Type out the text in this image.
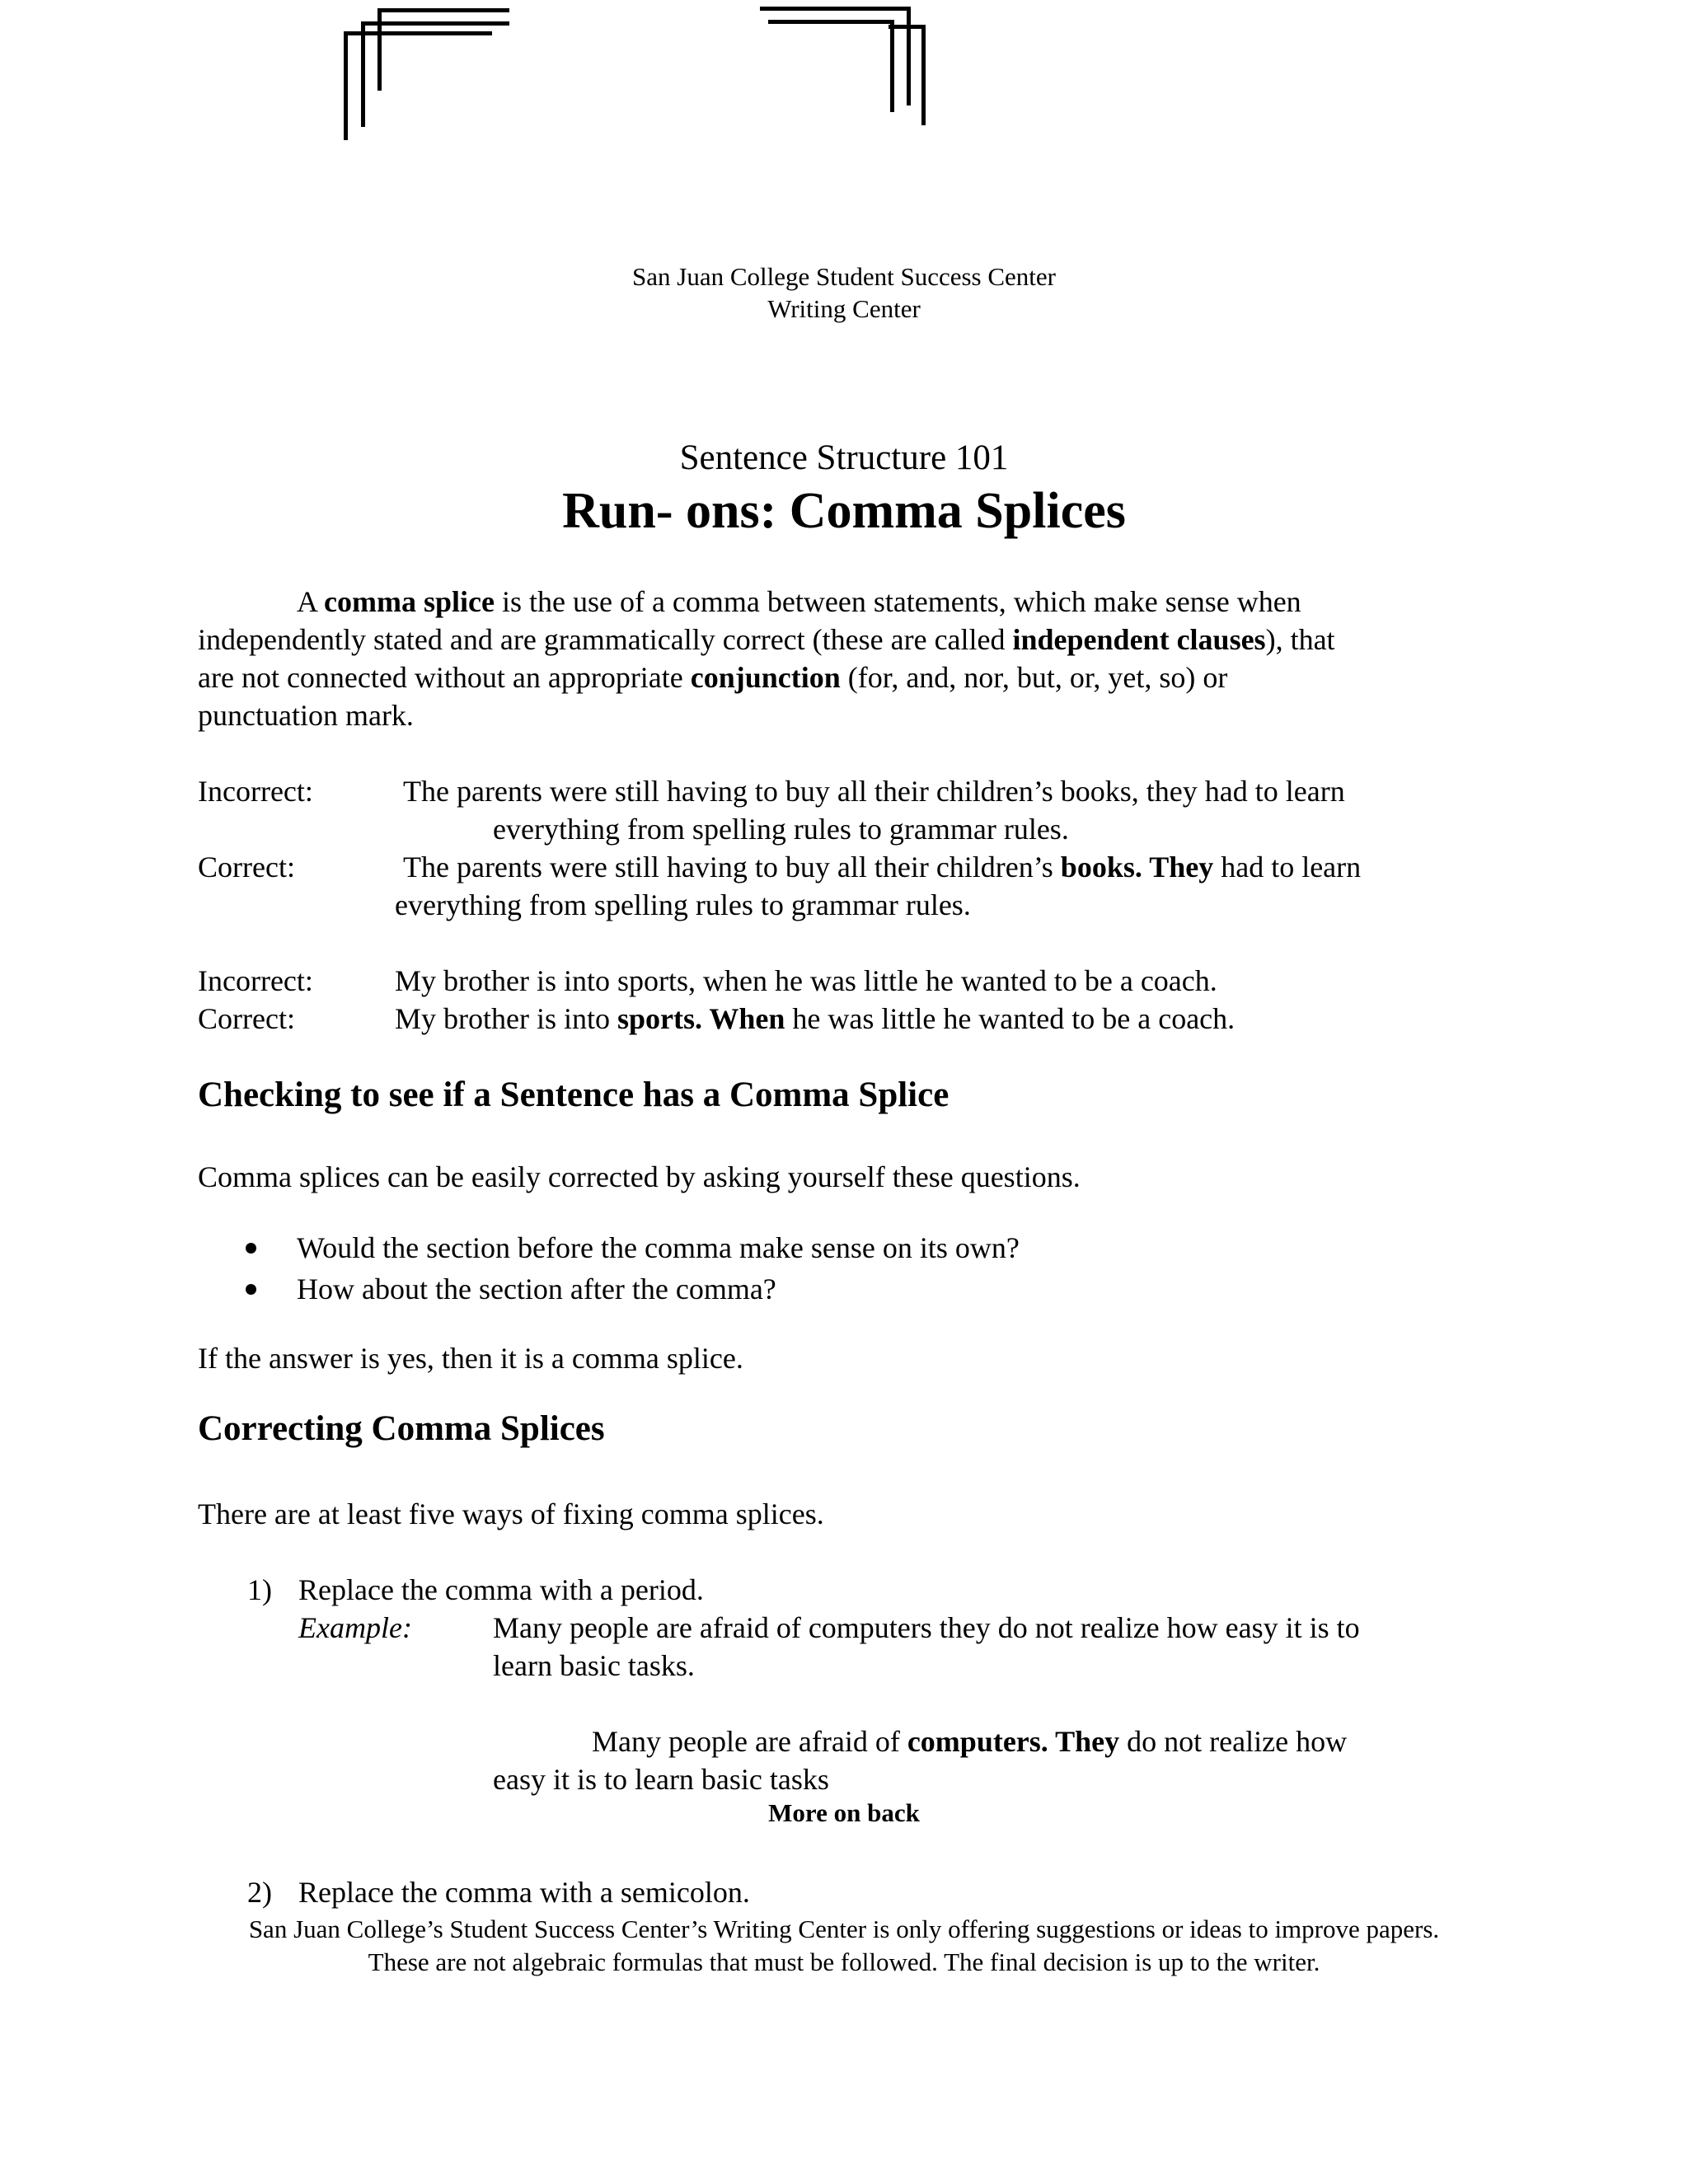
San Juan College Student Success Center
Writing Center
Sentence Structure 101
Run- ons: Comma Splices
A comma splice is the use of a comma between statements, which make sense when
independently stated and are grammatically correct (these are called independent clauses), that
are not connected without an appropriate conjunction (for, and, nor, but, or, yet, so) or
punctuation mark.
Incorrect:	The parents were still having to buy all their children’s books, they had to learn
everything from spelling rules to grammar rules.
Correct:	The parents were still having to buy all their children’s books. They had to learn
everything from spelling rules to grammar rules.
Incorrect:	My brother is into sports, when he was little he wanted to be a coach.
Correct:	My brother is into sports. When he was little he wanted to be a coach.
Checking to see if a Sentence has a Comma Splice
Comma splices can be easily corrected by asking yourself these questions.
Would the section before the comma make sense on its own?
How about the section after the comma?
If the answer is yes, then it is a comma splice.
Correcting Comma Splices
There are at least five ways of fixing comma splices.
1) Replace the comma with a period.
Example:	Many people are afraid of computers they do not realize how easy it is to
learn basic tasks.
Many people are afraid of computers. They do not realize how
easy it is to learn basic tasks
More on back
2) Replace the comma with a semicolon.
San Juan College’s Student Success Center’s Writing Center is only offering suggestions or ideas to improve papers.
These are not algebraic formulas that must be followed. The final decision is up to the writer.
